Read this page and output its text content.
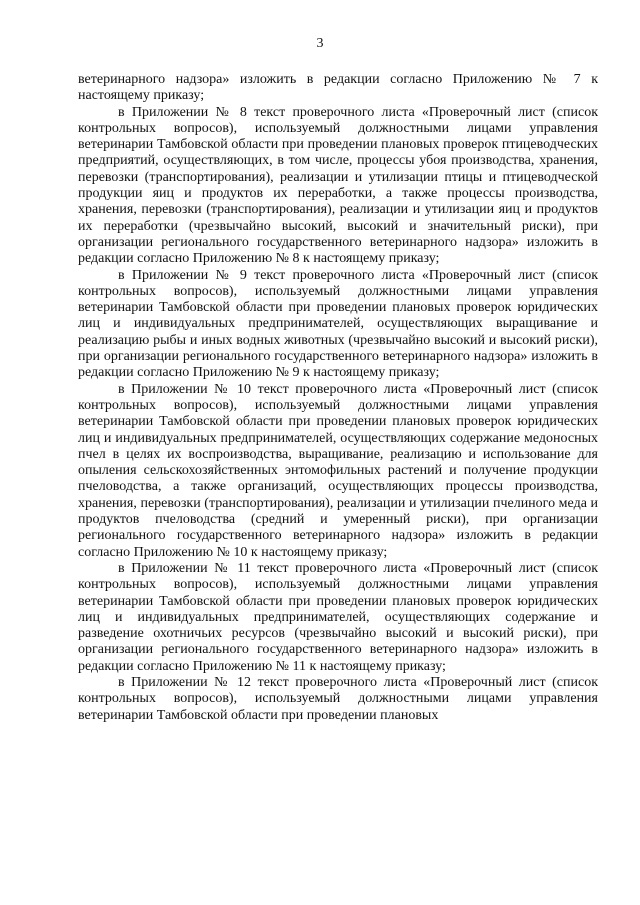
3

ветеринарного надзора» изложить в редакции согласно Приложению № 7 к настоящему приказу;

в Приложении № 8 текст проверочного листа «Проверочный лист (список контрольных вопросов), используемый должностными лицами управления ветеринарии Тамбовской области при проведении плановых проверок птицеводческих предприятий, осуществляющих, в том числе, процессы убоя производства, хранения, перевозки (транспортирования), реализации и утилизации птицы и птицеводческой продукции яиц и продуктов их переработки, а также процессы производства, хранения, перевозки (транспортирования), реализации и утилизации яиц и продуктов их переработки (чрезвычайно высокий, высокий и значительный риски), при организации регионального государственного ветеринарного надзора» изложить в редакции согласно Приложению № 8 к настоящему приказу;

в Приложении № 9 текст проверочного листа «Проверочный лист (список контрольных вопросов), используемый должностными лицами управления ветеринарии Тамбовской области при проведении плановых проверок юридических лиц и индивидуальных предпринимателей, осуществляющих выращивание и реализацию рыбы и иных водных животных (чрезвычайно высокий и высокий риски), при организации регионального государственного ветеринарного надзора» изложить в редакции согласно Приложению № 9 к настоящему приказу;

в Приложении № 10 текст проверочного листа «Проверочный лист (список контрольных вопросов), используемый должностными лицами управления ветеринарии Тамбовской области при проведении плановых проверок юридических лиц и индивидуальных предпринимателей, осуществляющих содержание медоносных пчел в целях их воспроизводства, выращивание, реализацию и использование для опыления сельскохозяйственных энтомофильных растений и получение продукции пчеловодства, а также организаций, осуществляющих процессы производства, хранения, перевозки (транспортирования), реализации и утилизации пчелиного меда и продуктов пчеловодства (средний и умеренный риски), при организации регионального государственного ветеринарного надзора» изложить в редакции согласно Приложению № 10 к настоящему приказу;

в Приложении № 11 текст проверочного листа «Проверочный лист (список контрольных вопросов), используемый должностными лицами управления ветеринарии Тамбовской области при проведении плановых проверок юридических лиц и индивидуальных предпринимателей, осуществляющих содержание и разведение охотничьих ресурсов (чрезвычайно высокий и высокий риски), при организации регионального государственного ветеринарного надзора» изложить в редакции согласно Приложению № 11 к настоящему приказу;

в Приложении № 12 текст проверочного листа «Проверочный лист (список контрольных вопросов), используемый должностными лицами управления ветеринарии Тамбовской области при проведении плановых
